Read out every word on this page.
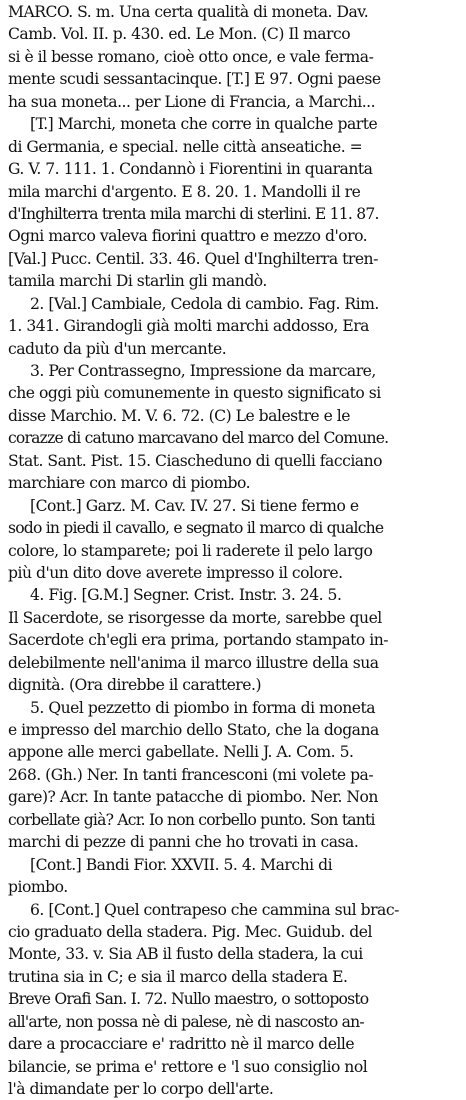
MARCO. S. m. Una certa qualità di moneta. Dav.
Camb. Vol. II. p. 430. ed. Le Mon. (C) Il marco
si è il besse romano, cioè otto once, e vale ferma-
mente scudi sessantacinque. [T.] E 97. Ogni paese
ha sua moneta... per Lione di Francia, a Marchi...
[T.] Marchi, moneta che corre in qualche parte
di Germania, e special. nelle città anseatiche. =
G. V. 7. 111. 1. Condannò i Fiorentini in quaranta
mila marchi d'argento. E 8. 20. 1. Mandolli il re
d'Inghilterra trenta mila marchi di sterlini. E 11. 87.
Ogni marco valeva fiorini quattro e mezzo d'oro.
[Val.] Pucc. Centil. 33. 46. Quel d'Inghilterra tren-
tamila marchi Di starlin gli mandò.
2. [Val.] Cambiale, Cedola di cambio. Fag. Rim.
1. 341. Girandogli già molti marchi addosso, Era
caduto da più d'un mercante.
3. Per Contrassegno, Impressione da marcare,
che oggi più comunemente in questo significato si
disse Marchio. M. V. 6. 72. (C) Le balestre e le
corazze di catuno marcavano del marco del Comune.
Stat. Sant. Pist. 15. Ciascheduno di quelli facciano
marchiare con marco di piombo.
[Cont.] Garz. M. Cav. IV. 27. Si tiene fermo e
sodo in piedi il cavallo, e segnato il marco di qualche
colore, lo stamparete; poi li raderete il pelo largo
più d'un dito dove averete impresso il colore.
4. Fig. [G.M.] Segner. Crist. Instr. 3. 24. 5.
Il Sacerdote, se risorgesse da morte, sarebbe quel
Sacerdote ch'egli era prima, portando stampato in-
delebilmente nell'anima il marco illustre della sua
dignità. (Ora direbbe il carattere.)
5. Quel pezzetto di piombo in forma di moneta
e impresso del marchio dello Stato, che la dogana
appone alle merci gabellate. Nelli J. A. Com. 5.
268. (Gh.) Ner. In tanti francesconi (mi volete pa-
gare)? Acr. In tante patacche di piombo. Ner. Non
corbellate già? Acr. Io non corbello punto. Son tanti
marchi di pezze di panni che ho trovati in casa.
[Cont.] Bandi Fior. XXVII. 5. 4. Marchi di
piombo.
6. [Cont.] Quel contrapeso che cammina sul brac-
cio graduato della stadera. Pig. Mec. Guidub. del
Monte, 33. v. Sia AB il fusto della stadera, la cui
trutina sia in C; e sia il marco della stadera E.
Breve Orafi San. I. 72. Nullo maestro, o sottoposto
all'arte, non possa nè di palese, nè di nascosto an-
dare a procacciare e' radritto nè il marco delle
bilancie, se prima e' rettore e 'l suo consiglio nol
l'à dimandate per lo corpo dell'arte.
